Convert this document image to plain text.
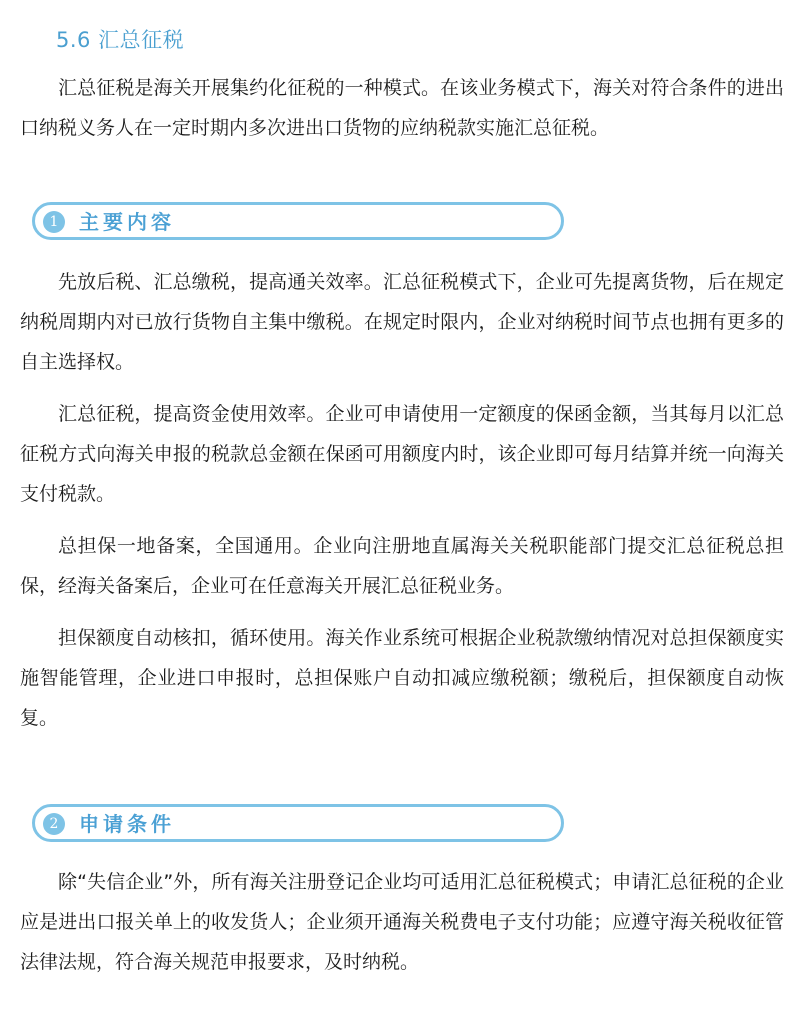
5.6 汇总征税

汇总征税是海关开展集约化征税的一种模式。在该业务模式下，海关对符合条件的进出口纳税义务人在一定时期内多次进出口货物的应纳税款实施汇总征税。

1	主要内容

先放后税、汇总缴税，提高通关效率。汇总征税模式下，企业可先提离货物，后在规定纳税周期内对已放行货物自主集中缴税。在规定时限内，企业对纳税时间节点也拥有更多的自主选择权。

汇总征税，提高资金使用效率。企业可申请使用一定额度的保函金额，当其每月以汇总征税方式向海关申报的税款总金额在保函可用额度内时，该企业即可每月结算并统一向海关支付税款。

总担保一地备案，全国通用。企业向注册地直属海关关税职能部门提交汇总征税总担保，经海关备案后，企业可在任意海关开展汇总征税业务。

担保额度自动核扣，循环使用。海关作业系统可根据企业税款缴纳情况对总担保额度实施智能管理，企业进口申报时，总担保账户自动扣减应缴税额；缴税后，担保额度自动恢复。

2	申请条件

除“失信企业”外，所有海关注册登记企业均可适用汇总征税模式；申请汇总征税的企业应是进出口报关单上的收发货人；企业须开通海关税费电子支付功能；应遵守海关税收征管法律法规，符合海关规范申报要求，及时纳税。
